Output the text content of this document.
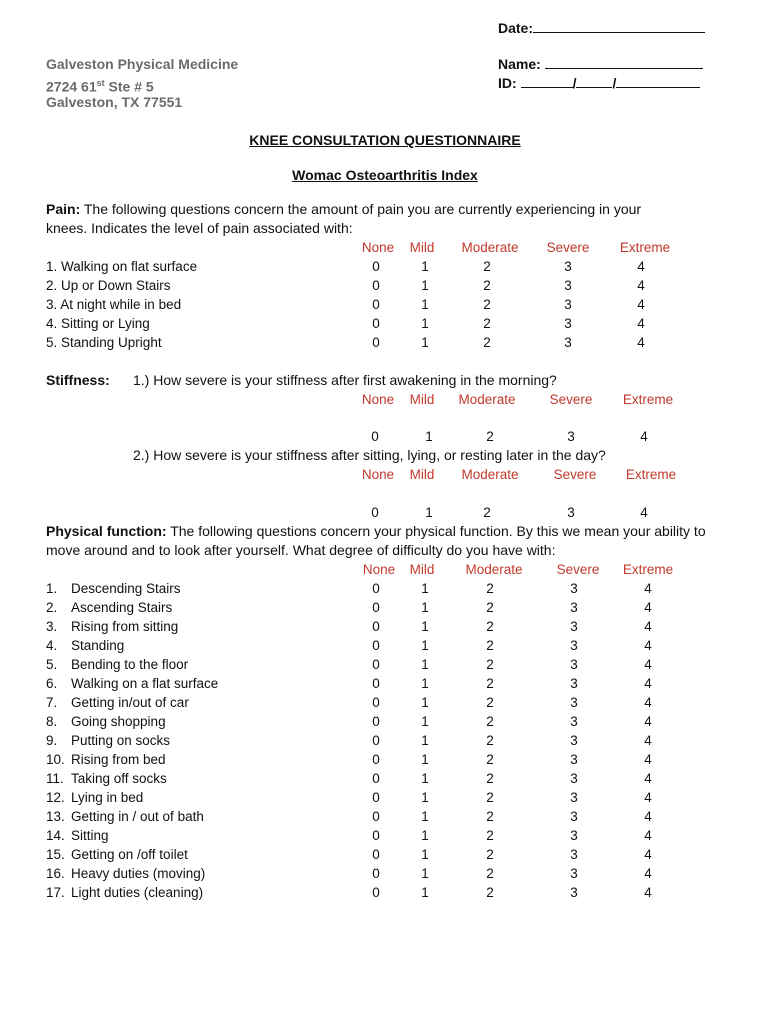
Date:
Name:
ID:	/	/
Galveston Physical Medicine
2724 61st Ste # 5
Galveston, TX 77551
KNEE CONSULTATION QUESTIONNAIRE
Womac Osteoarthritis Index
Pain: The following questions concern the amount of pain you are currently experiencing in your
knees. Indicates the level of pain associated with:
None	Mild	Moderate	Severe	Extreme
1. Walking on flat surface	0	1	2	3	4
2. Up or Down Stairs	0	1	2	3	4
3. At night while in bed	0	1	2	3	4
4. Sitting or Lying	0	1	2	3	4
5. Standing Upright	0	1	2	3	4
Stiffness: 1.) How severe is your stiffness after first awakening in the morning?
None	Mild	Moderate	Severe	Extreme
0	1	2	3	4
2.) How severe is your stiffness after sitting, lying, or resting later in the day?
None	Mild	Moderate	Severe	Extreme
0	1	2	3	4
Physical function: The following questions concern your physical function. By this we mean your ability to
move around and to look after yourself. What degree of difficulty do you have with:
None	Mild	Moderate	Severe	Extreme
1. Descending Stairs	0	1	2	3	4
2. Ascending Stairs	0	1	2	3	4
3. Rising from sitting	0	1	2	3	4
4. Standing	0	1	2	3	4
5. Bending to the floor	0	1	2	3	4
6. Walking on a flat surface	0	1	2	3	4
7. Getting in/out of car	0	1	2	3	4
8. Going shopping	0	1	2	3	4
9. Putting on socks	0	1	2	3	4
10. Rising from bed	0	1	2	3	4
11. Taking off socks	0	1	2	3	4
12. Lying in bed	0	1	2	3	4
13. Getting in / out of bath	0	1	2	3	4
14. Sitting	0	1	2	3	4
15. Getting on /off toilet	0	1	2	3	4
16. Heavy duties (moving)	0	1	2	3	4
17. Light duties (cleaning)	0	1	2	3	4
